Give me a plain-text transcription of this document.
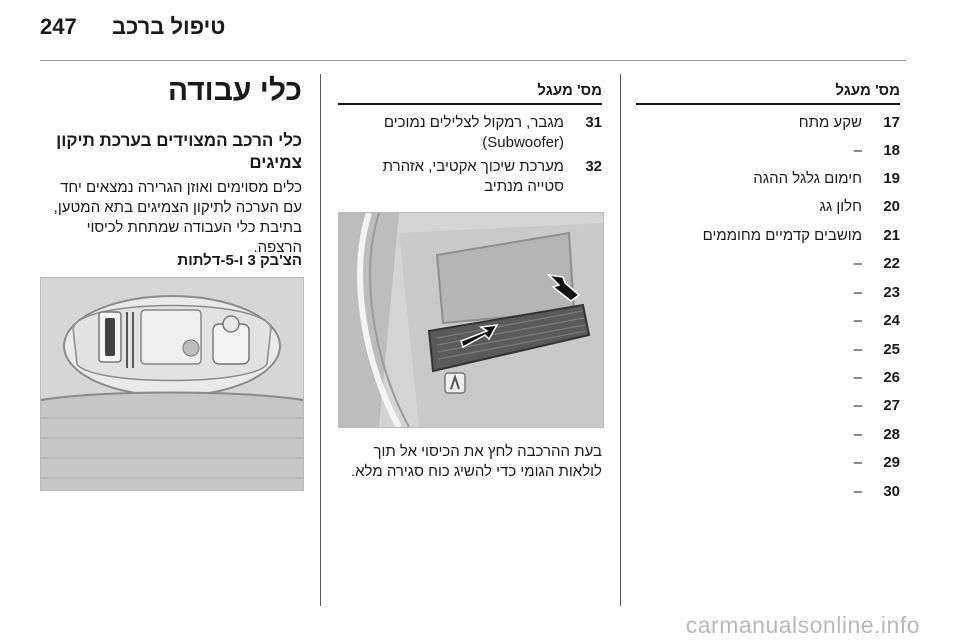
247 טיפול ברכב
מס' מעגל
17
שקע מתח
18
–
19
חימום גלגל ההגה
20
חלון גג
21
מושבים קדמיים מחוממים
22
–
23
–
24
–
25
–
26
–
27
–
28
–
29
–
30
–
מס' מעגל
31
מגבר, רמקול לצלילים נמוכים
(Subwoofer)
32
מערכת שיכוך אקטיבי, אזהרת
סטייה מנתיב
בעת ההרכבה לחץ את הכיסוי אל תוך
לולאות הגומי כדי להשיג כוח סגירה מלא.
כלי עבודה
כלי הרכב המצוידים בערכת תיקון
צמיגים
כלים מסוימים ואוזן הגרירה נמצאים יחד
עם הערכה לתיקון הצמיגים בתא המטען,
בתיבת כלי העבודה שמתחת לכיסוי
הרצפה.
הצ'בק 3 ו-5-דלתות
carmanualsonline.info
